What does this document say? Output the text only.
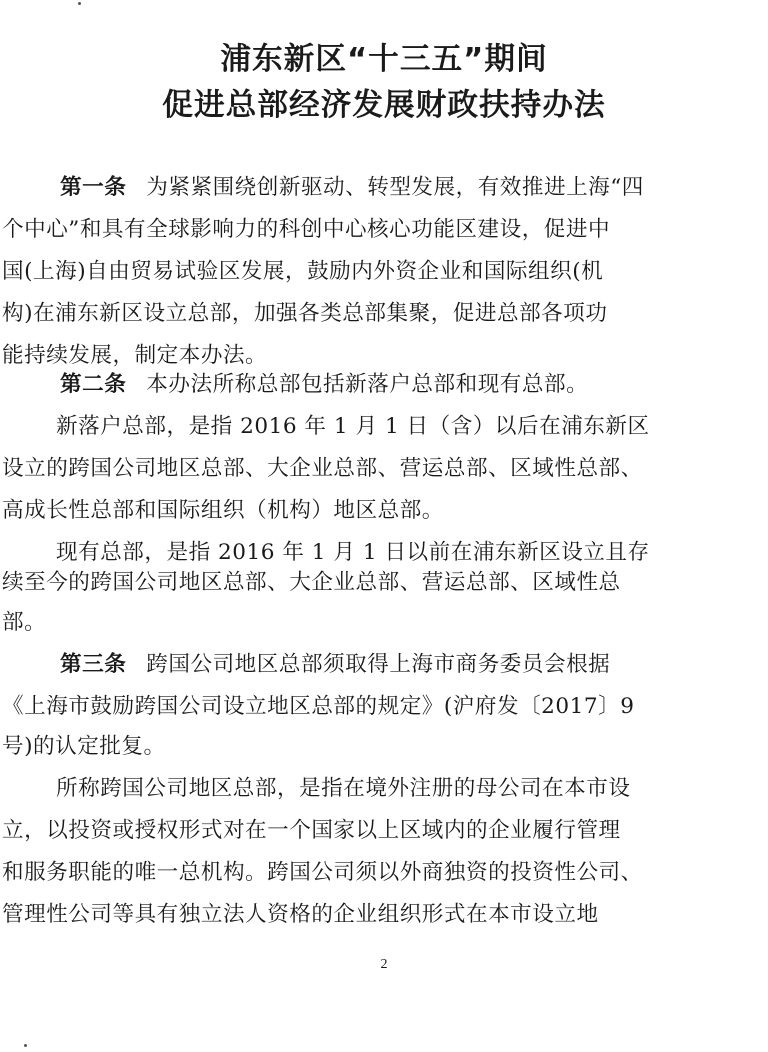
浦东新区“十三五”期间
促进总部经济发展财政扶持办法
第一条 为紧紧围绕创新驱动、转型发展，有效推进上海“四
个中心”和具有全球影响力的科创中心核心功能区建设，促进中
国(上海)自由贸易试验区发展，鼓励内外资企业和国际组织(机
构)在浦东新区设立总部，加强各类总部集聚，促进总部各项功
能持续发展，制定本办法。
第二条 本办法所称总部包括新落户总部和现有总部。
新落户总部，是指 2016 年 1 月 1 日（含）以后在浦东新区
设立的跨国公司地区总部、大企业总部、营运总部、区域性总部、
高成长性总部和国际组织（机构）地区总部。
现有总部，是指 2016 年 1 月 1 日以前在浦东新区设立且存
续至今的跨国公司地区总部、大企业总部、营运总部、区域性总
部。
第三条 跨国公司地区总部须取得上海市商务委员会根据
《上海市鼓励跨国公司设立地区总部的规定》(沪府发〔2017〕9
号)的认定批复。
所称跨国公司地区总部，是指在境外注册的母公司在本市设
立，以投资或授权形式对在一个国家以上区域内的企业履行管理
和服务职能的唯一总机构。跨国公司须以外商独资的投资性公司、
管理性公司等具有独立法人资格的企业组织形式在本市设立地
2
